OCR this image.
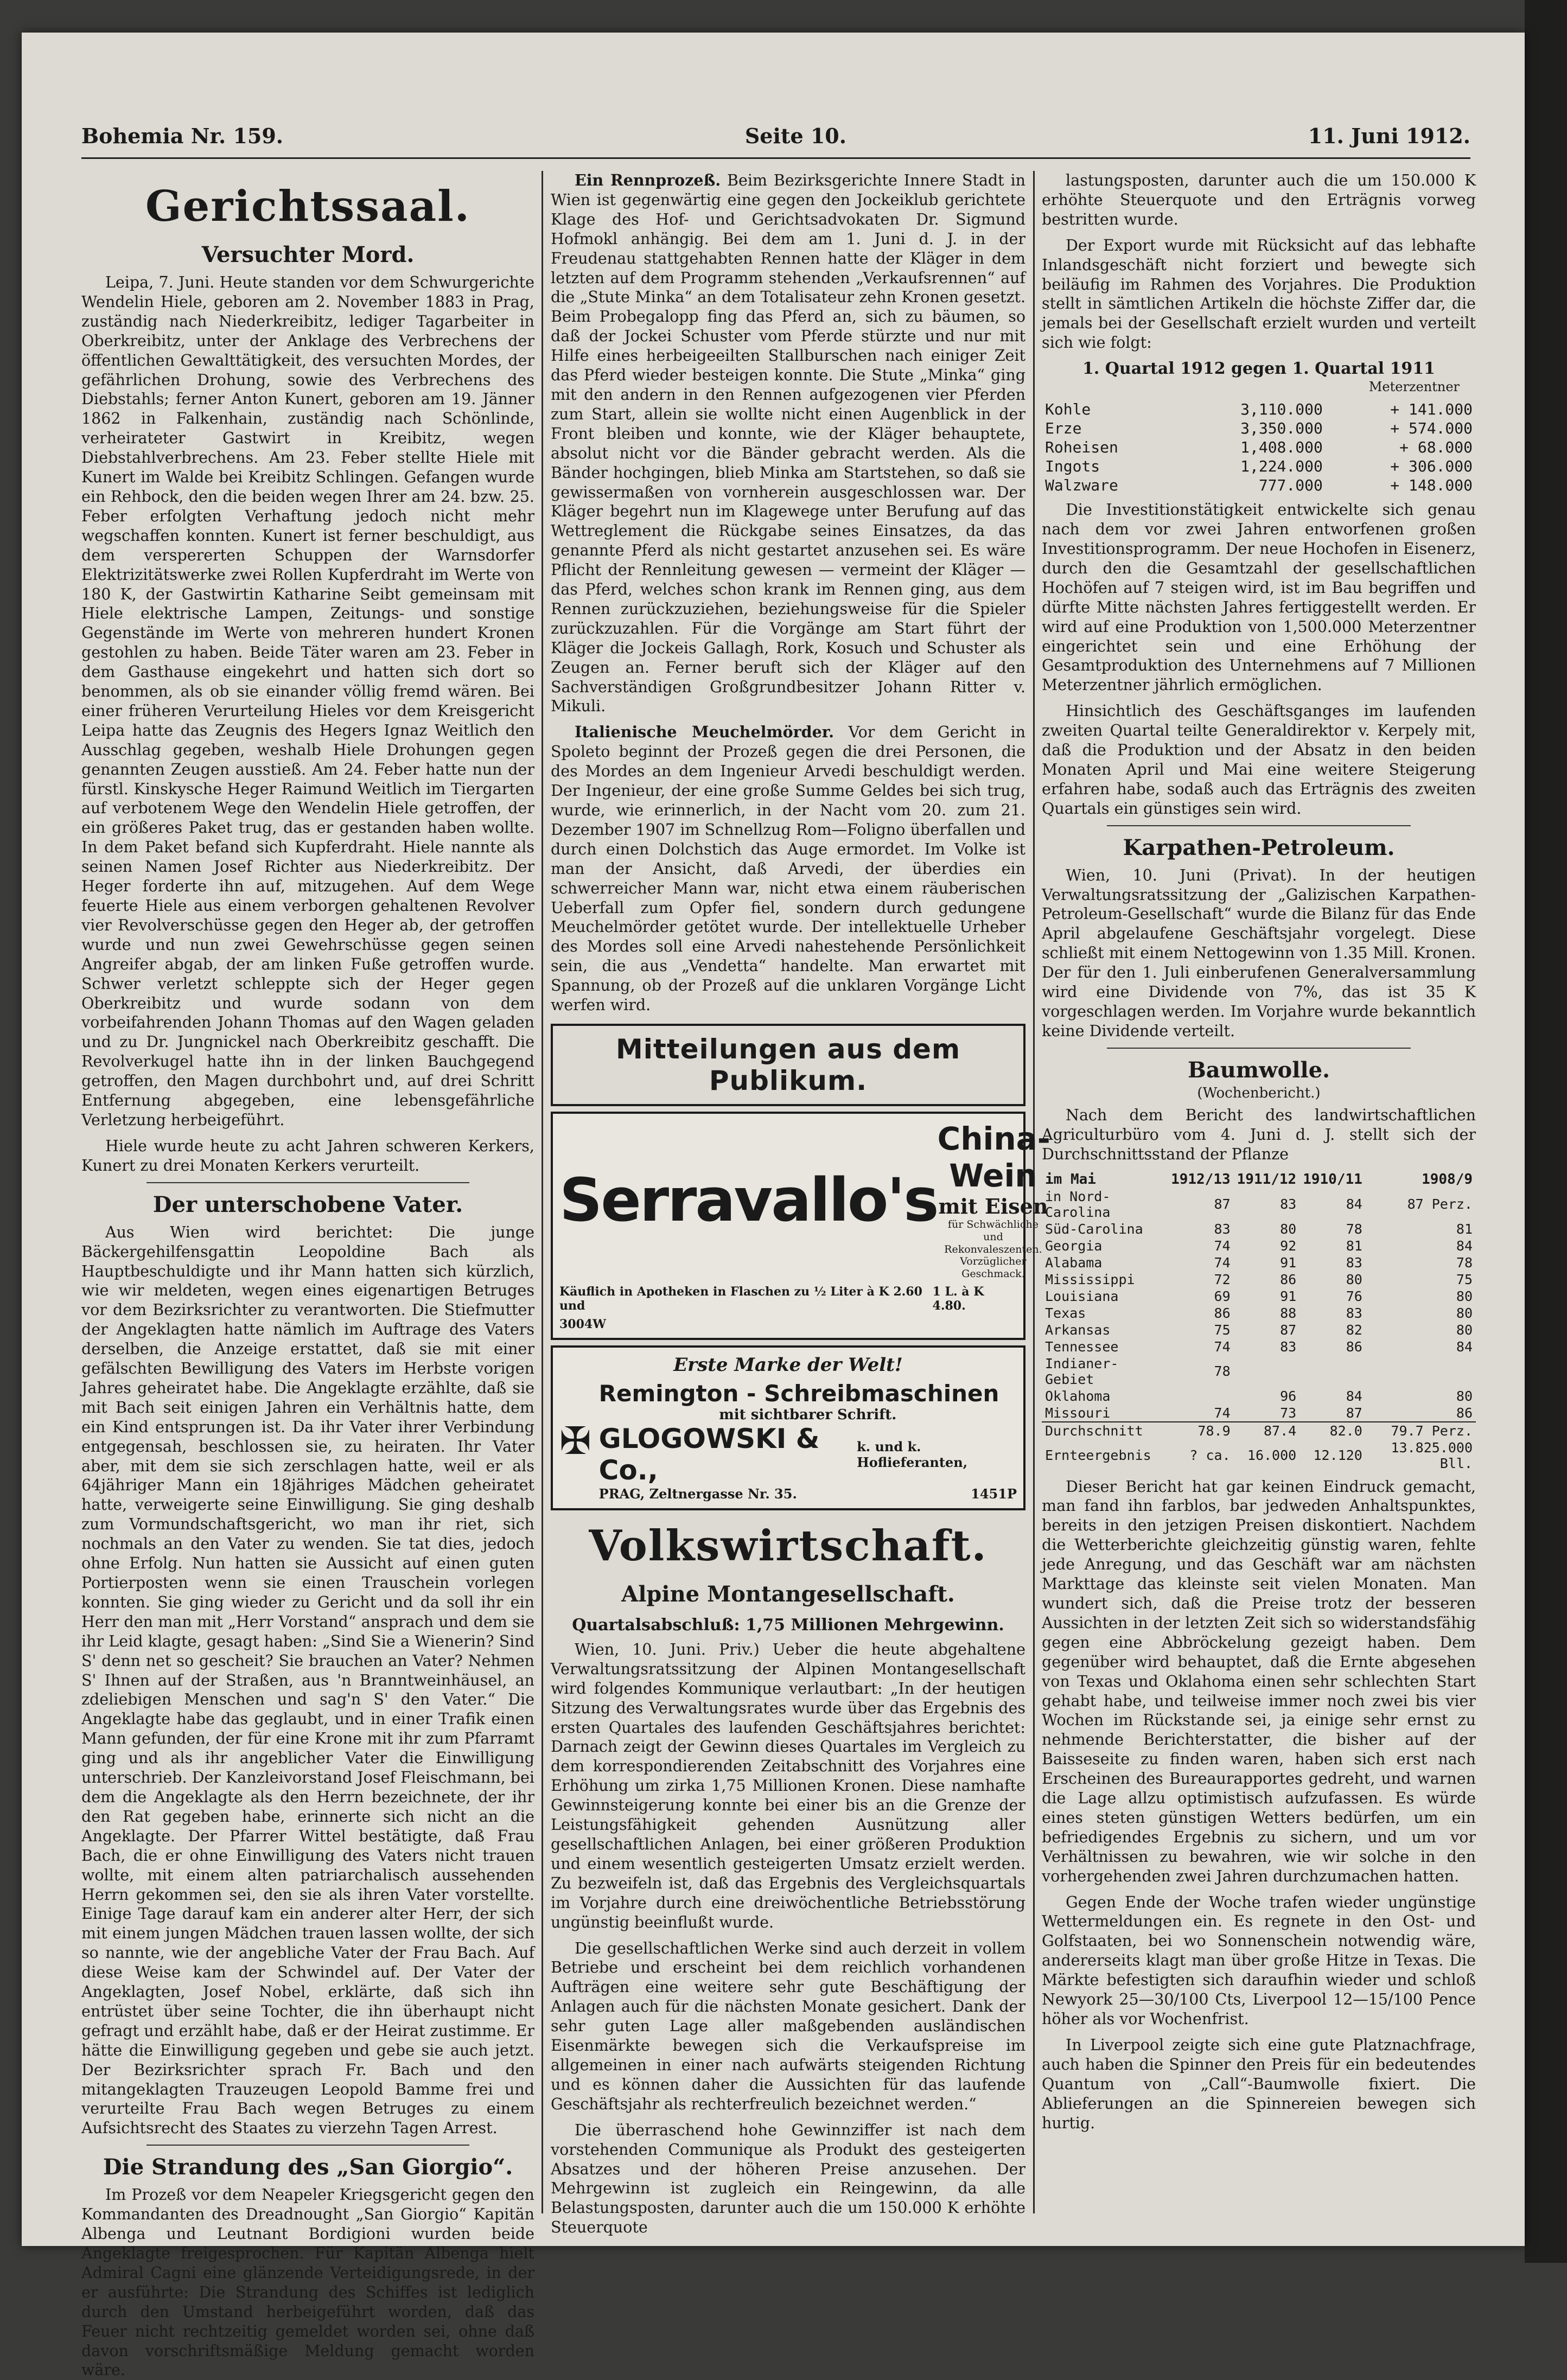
Bohemia Nr. 159.	Seite 10.	11. Juni 1912.
Gerichtssaal.
Versuchter Mord.

Leipa, 7. Juni. Heute standen vor dem Schwurgerichte Wendelin Hiele, geboren am 2. November 1883 in Prag, zuständig nach Niederkreibitz, lediger Tagarbeiter in Oberkreibitz, unter der Anklage des Verbrechens der öffentlichen Gewalttätigkeit, des versuchten Mordes, der gefährlichen Drohung, sowie des Verbrechens des Diebstahls; ferner Anton Kunert, geboren am 19. Jänner 1862 in Falkenhain, zuständig nach Schönlinde, verheirateter Gastwirt in Kreibitz, wegen Diebstahlverbrechens. Am 23. Feber stellte Hiele mit Kunert im Walde bei Kreibitz Schlingen. Gefangen wurde ein Rehbock, den die beiden wegen Ihrer am 24. bzw. 25. Feber erfolgten Verhaftung jedoch nicht mehr wegschaffen konnten. Kunert ist ferner beschuldigt, aus dem verspererten Schuppen der Warnsdorfer Elektrizitätswerke zwei Rollen Kupferdraht im Werte von 180 K, der Gastwirtin Katharine Seibt gemeinsam mit Hiele elektrische Lampen, Zeitungs- und sonstige Gegenstände im Werte von mehreren hundert Kronen gestohlen zu haben. Beide Täter waren am 23. Feber in dem Gasthause eingekehrt und hatten sich dort so benommen, als ob sie einander völlig fremd wären. Bei einer früheren Verurteilung Hieles vor dem Kreisgericht Leipa hatte das Zeugnis des Hegers Ignaz Weitlich den Ausschlag gegeben, weshalb Hiele Drohungen gegen genannten Zeugen ausstieß. Am 24. Feber hatte nun der fürstl. Kinskysche Heger Raimund Weitlich im Tiergarten auf verbotenem Wege den Wendelin Hiele getroffen, der ein größeres Paket trug, das er gestanden haben wollte. In dem Paket befand sich Kupferdraht. Hiele nannte als seinen Namen Josef Richter aus Niederkreibitz. Der Heger forderte ihn auf, mitzugehen. Auf dem Wege feuerte Hiele aus einem verborgen gehaltenen Revolver vier Revolverschüsse gegen den Heger ab, der getroffen wurde und nun zwei Gewehrschüsse gegen seinen Angreifer abgab, der am linken Fuße getroffen wurde. Schwer verletzt schleppte sich der Heger gegen Oberkreibitz und wurde sodann von dem vorbeifahrenden Johann Thomas auf den Wagen geladen und zu Dr. Jungnickel nach Oberkreibitz geschafft. Die Revolverkugel hatte ihn in der linken Bauchgegend getroffen, den Magen durchbohrt und, auf drei Schritt Entfernung abgegeben, eine lebensgefährliche Verletzung herbeigeführt.

Hiele wurde heute zu acht Jahren schweren Kerkers, Kunert zu drei Monaten Kerkers verurteilt.

Der unterschobene Vater.

Aus Wien wird berichtet: Die junge Bäckergehilfensgattin Leopoldine Bach als Hauptbeschuldigte und ihr Mann hatten sich kürzlich, wie wir meldeten, wegen eines eigenartigen Betruges vor dem Bezirksrichter zu verantworten. Die Stiefmutter der Angeklagten hatte nämlich im Auftrage des Vaters derselben, die Anzeige erstattet, daß sie mit einer gefälschten Bewilligung des Vaters im Herbste vorigen Jahres geheiratet habe. Die Angeklagte erzählte, daß sie mit Bach seit einigen Jahren ein Verhältnis hatte, dem ein Kind entsprungen ist. Da ihr Vater ihrer Verbindung entgegensah, beschlossen sie, zu heiraten. Ihr Vater aber, mit dem sie sich zerschlagen hatte, weil er als 64jähriger Mann ein 18jähriges Mädchen geheiratet hatte, verweigerte seine Einwilligung. Sie ging deshalb zum Vormundschaftsgericht, wo man ihr riet, sich nochmals an den Vater zu wenden. Sie tat dies, jedoch ohne Erfolg. Nun hatten sie Aussicht auf einen guten Portierposten wenn sie einen Trauschein vorlegen konnten. Sie ging wieder zu Gericht und da soll ihr ein Herr den man mit „Herr Vorstand“ ansprach und dem sie ihr Leid klagte, gesagt haben: „Sind Sie a Wienerin? Sind S' denn net so gescheit? Sie brauchen an Vater? Nehmen S' Ihnen auf der Straßen, aus 'n Branntweinhäusel, an zdeliebigen Menschen und sag'n S' den Vater.“ Die Angeklagte habe das geglaubt, und in einer Trafik einen Mann gefunden, der für eine Krone mit ihr zum Pfarramt ging und als ihr angeblicher Vater die Einwilligung unterschrieb. Der Kanzleivorstand Josef Fleischmann, bei dem die Angeklagte als den Herrn bezeichnete, der ihr den Rat gegeben habe, erinnerte sich nicht an die Angeklagte. Der Pfarrer Wittel bestätigte, daß Frau Bach, die er ohne Einwilligung des Vaters nicht trauen wollte, mit einem alten patriarchalisch aussehenden Herrn gekommen sei, den sie als ihren Vater vorstellte. Einige Tage darauf kam ein anderer alter Herr, der sich mit einem jungen Mädchen trauen lassen wollte, der sich so nannte, wie der angebliche Vater der Frau Bach. Auf diese Weise kam der Schwindel auf. Der Vater der Angeklagten, Josef Nobel, erklärte, daß sich ihn entrüstet über seine Tochter, die ihn überhaupt nicht gefragt und erzählt habe, daß er der Heirat zustimme. Er hätte die Einwilligung gegeben und gebe sie auch jetzt. Der Bezirksrichter sprach Fr. Bach und den mitangeklagten Trauzeugen Leopold Bamme frei und verurteilte Frau Bach wegen Betruges zu einem Aufsichtsrecht des Staates zu vierzehn Tagen Arrest.

Die Strandung des „San Giorgio“.

Im Prozeß vor dem Neapeler Kriegsgericht gegen den Kommandanten des Dreadnought „San Giorgio“ Kapitän Albenga und Leutnant Bordigioni wurden beide Angeklagte freigesprochen. Für Kapitän Albenga hielt Admiral Cagni eine glänzende Verteidigungsrede, in der er ausführte: Die Strandung des Schiffes ist lediglich durch den Umstand herbeigeführt worden, daß das Feuer nicht rechtzeitig gemeldet worden sei, ohne daß davon vorschriftsmäßige Meldung gemacht worden wäre.

Ein Rennprozeß. Beim Bezirksgerichte Innere Stadt in Wien ist gegenwärtig eine gegen den Jockeiklub gerichtete Klage des Hof- und Gerichtsadvokaten Dr. Sigmund Hofmokl anhängig. Bei dem am 1. Juni d. J. in der Freudenau stattgehabten Rennen hatte der Kläger in dem letzten auf dem Programm stehenden „Verkaufsrennen“ auf die „Stute Minka“ an dem Totalisateur zehn Kronen gesetzt. Beim Probegalopp fing das Pferd an, sich zu bäumen, so daß der Jockei Schuster vom Pferde stürzte und nur mit Hilfe eines herbeigeeilten Stallburschen nach einiger Zeit das Pferd wieder besteigen konnte. Die Stute „Minka“ ging mit den andern in den Rennen aufgezogenen vier Pferden zum Start, allein sie wollte nicht einen Augenblick in der Front bleiben und konnte, wie der Kläger behauptete, absolut nicht vor die Bänder gebracht werden. Als die Bänder hochgingen, blieb Minka am Startstehen, so daß sie gewissermaßen von vornherein ausgeschlossen war. Der Kläger begehrt nun im Klagewege unter Berufung auf das Wettreglement die Rückgabe seines Einsatzes, da das genannte Pferd als nicht gestartet anzusehen sei. Es wäre Pflicht der Rennleitung gewesen — vermeint der Kläger — das Pferd, welches schon krank im Rennen ging, aus dem Rennen zurückzuziehen, beziehungsweise für die Spieler zurückzuzahlen. Für die Vorgänge am Start führt der Kläger die Jockeis Gallagh, Rork, Kosuch und Schuster als Zeugen an. Ferner beruft sich der Kläger auf den Sachverständigen Großgrundbesitzer Johann Ritter v. Mikuli.

Italienische Meuchelmörder. Vor dem Gericht in Spoleto beginnt der Prozeß gegen die drei Personen, die des Mordes an dem Ingenieur Arvedi beschuldigt werden. Der Ingenieur, der eine große Summe Geldes bei sich trug, wurde, wie erinnerlich, in der Nacht vom 20. zum 21. Dezember 1907 im Schnellzug Rom—Foligno überfallen und durch einen Dolchstich das Auge ermordet. Im Volke ist man der Ansicht, daß Arvedi, der überdies ein schwerreicher Mann war, nicht etwa einem räuberischen Ueberfall zum Opfer fiel, sondern durch gedungene Meuchelmörder getötet wurde. Der intellektuelle Urheber des Mordes soll eine Arvedi nahestehende Persönlichkeit sein, die aus „Vendetta“ handelte. Man erwartet mit Spannung, ob der Prozeß auf die unklaren Vorgänge Licht werfen wird.

Mitteilungen aus dem Publikum.
Serravallo's
China-Wein
mit Eisen
für Schwächliche und Rekonvaleszenten.
Vorzüglicher Geschmack.
Käuflich in Apotheken in Flaschen zu ½ Liter à K 2.60 und
1 L. à K 4.80.
3004W
Erste Marke der Welt!
✠
Remington - Schreibmaschinen
mit sichtbarer Schrift.
GLOGOWSKI & Co.,
k. und k. Hoflieferanten,
PRAG, Zeltnergasse Nr. 35.	1451P
Volkswirtschaft.
Alpine Montangesellschaft.
Quartalsabschluß: 1,75 Millionen Mehrgewinn.

Wien, 10. Juni. Priv.) Ueber die heute abgehaltene Verwaltungsratssitzung der Alpinen Montangesellschaft wird folgendes Kommunique verlautbart: „In der heutigen Sitzung des Verwaltungsrates wurde über das Ergebnis des ersten Quartales des laufenden Geschäftsjahres berichtet: Darnach zeigt der Gewinn dieses Quartales im Vergleich zu dem korrespondierenden Zeitabschnitt des Vorjahres eine Erhöhung um zirka 1,75 Millionen Kronen. Diese namhafte Gewinnsteigerung konnte bei einer bis an die Grenze der Leistungsfähigkeit gehenden Ausnützung aller gesellschaftlichen Anlagen, bei einer größeren Produktion und einem wesentlich gesteigerten Umsatz erzielt werden. Zu bezweifeln ist, daß das Ergebnis des Vergleichsquartals im Vorjahre durch eine dreiwöchentliche Betriebsstörung ungünstig beeinflußt wurde.

Die gesellschaftlichen Werke sind auch derzeit in vollem Betriebe und erscheint bei dem reichlich vorhandenen Aufträgen eine weitere sehr gute Beschäftigung der Anlagen auch für die nächsten Monate gesichert. Dank der sehr guten Lage aller maßgebenden ausländischen Eisenmärkte bewegen sich die Verkaufspreise im allgemeinen in einer nach aufwärts steigenden Richtung und es können daher die Aussichten für das laufende Geschäftsjahr als rechterfreulich bezeichnet werden.“

Die überraschend hohe Gewinnziffer ist nach dem vorstehenden Communique als Produkt des gesteigerten Absatzes und der höheren Preise anzusehen. Der Mehrgewinn ist zugleich ein Reingewinn, da alle Belastungsposten, darunter auch die um 150.000 K erhöhte Steuerquote

lastungsposten, darunter auch die um 150.000 K erhöhte Steuerquote und den Erträgnis vorweg bestritten wurde.

Der Export wurde mit Rücksicht auf das lebhafte Inlandsgeschäft nicht forziert und bewegte sich beiläufig im Rahmen des Vorjahres. Die Produktion stellt in sämtlichen Artikeln die höchste Ziffer dar, die jemals bei der Gesellschaft erzielt wurden und verteilt sich wie folgt:

1. Quartal 1912 gegen 1. Quartal 1911
Meterzentner
Kohle	3,110.000	+ 141.000
Erze	3,350.000	+ 574.000
Roheisen	1,408.000	+ 68.000
Ingots	1,224.000	+ 306.000
Walzware	777.000	+ 148.000

Die Investitionstätigkeit entwickelte sich genau nach dem vor zwei Jahren entworfenen großen Investitionsprogramm. Der neue Hochofen in Eisenerz, durch den die Gesamtzahl der gesellschaftlichen Hochöfen auf 7 steigen wird, ist im Bau begriffen und dürfte Mitte nächsten Jahres fertiggestellt werden. Er wird auf eine Produktion von 1,500.000 Meterzentner eingerichtet sein und eine Erhöhung der Gesamtproduktion des Unternehmens auf 7 Millionen Meterzentner jährlich ermöglichen.

Hinsichtlich des Geschäftsganges im laufenden zweiten Quartal teilte Generaldirektor v. Kerpely mit, daß die Produktion und der Absatz in den beiden Monaten April und Mai eine weitere Steigerung erfahren habe, sodaß auch das Erträgnis des zweiten Quartals ein günstiges sein wird.

Karpathen-Petroleum.

Wien, 10. Juni (Privat). In der heutigen Verwaltungsratssitzung der „Galizischen Karpathen-Petroleum-Gesellschaft“ wurde die Bilanz für das Ende April abgelaufene Geschäftsjahr vorgelegt. Diese schließt mit einem Nettogewinn von 1.35 Mill. Kronen. Der für den 1. Juli einberufenen Generalversammlung wird eine Dividende von 7%, das ist 35 K vorgeschlagen werden. Im Vorjahre wurde bekanntlich keine Dividende verteilt.

Baumwolle.
(Wochenbericht.)

Nach dem Bericht des landwirtschaftlichen Agriculturbüro vom 4. Juni d. J. stellt sich der Durchschnittsstand der Pflanze

im Mai	1912/13	1911/12	1910/11	1908/9
in Nord-Carolina	87	83	84	87 Perz.
Süd-Carolina	83	80	78	81
Georgia	74	92	81	84
Alabama	74	91	83	78
Mississippi	72	86	80	75
Louisiana	69	91	76	80
Texas	86	88	83	80
Arkansas	75	87	82	80
Tennessee	74	83	86	84
Indianer-Gebiet	78			
Oklahoma		96	84	80
Missouri	74	73	87	86
Durchschnitt	78.9	87.4	82.0	79.7 Perz.
Ernteergebnis	? ca.	16.000	12.120	13.825.000 Bll.

Dieser Bericht hat gar keinen Eindruck gemacht, man fand ihn farblos, bar jedweden Anhaltspunktes, bereits in den jetzigen Preisen diskontiert. Nachdem die Wetterberichte gleichzeitig günstig waren, fehlte jede Anregung, und das Geschäft war am nächsten Markttage das kleinste seit vielen Monaten. Man wundert sich, daß die Preise trotz der besseren Aussichten in der letzten Zeit sich so widerstandsfähig gegen eine Abbröckelung gezeigt haben. Dem gegenüber wird behauptet, daß die Ernte abgesehen von Texas und Oklahoma einen sehr schlechten Start gehabt habe, und teilweise immer noch zwei bis vier Wochen im Rückstande sei, ja einige sehr ernst zu nehmende Berichterstatter, die bisher auf der Baisseseite zu finden waren, haben sich erst nach Erscheinen des Bureaurapportes gedreht, und warnen die Lage allzu optimistisch aufzufassen. Es würde eines steten günstigen Wetters bedürfen, um ein befriedigendes Ergebnis zu sichern, und um vor Verhältnissen zu bewahren, wie wir solche in den vorhergehenden zwei Jahren durchzumachen hatten.

Gegen Ende der Woche trafen wieder ungünstige Wettermeldungen ein. Es regnete in den Ost- und Golfstaaten, bei wo Sonnenschein notwendig wäre, andererseits klagt man über große Hitze in Texas. Die Märkte befestigten sich daraufhin wieder und schloß Newyork 25—30/100 Cts, Liverpool 12—15/100 Pence höher als vor Wochenfrist.

In Liverpool zeigte sich eine gute Platznachfrage, auch haben die Spinner den Preis für ein bedeutendes Quantum von „Call“-Baumwolle fixiert. Die Ablieferungen an die Spinnereien bewegen sich hurtig.
